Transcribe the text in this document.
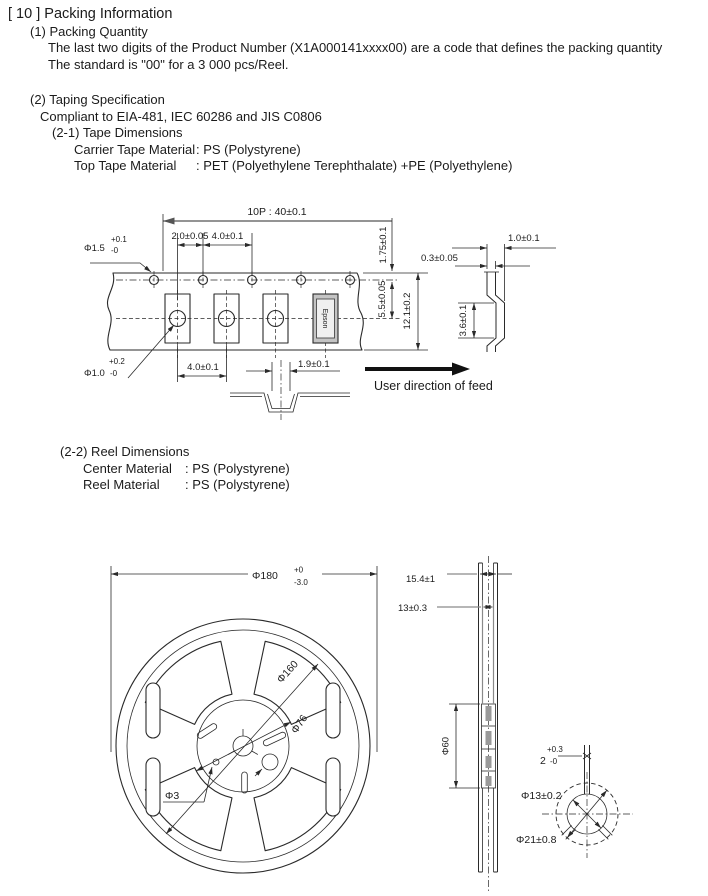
[ 10 ] Packing Information
(1) Packing Quantity
The last two digits of the Product Number (X1A000141xxxx00) are a code that defines the packing quantity
The standard is "00" for a 3 000 pcs/Reel.
(2) Taping Specification
Compliant to EIA-481, IEC 60286 and JIS C0806
(2-1) Tape Dimensions
Carrier Tape Material : PS (Polystyrene)
Top Tape Material	: PET (Polyethylene Terephthalate) +PE (Polyethylene)
(2-2) Reel Dimensions
Center Material	: PS (Polystyrene)
Reel Material	: PS (Polystyrene)
Epson
10P : 40±0.1
2.0±0.05 4.0±0.1
Φ1.5
+0.1
-0	1.75±0.1
5.5±0.05 12.1±0.2
+0.2
Φ1.0 -0
4.0±0.1	1.9±0.1
1.0±0.1
0.3±0.05
3.6±0.1
User direction of feed
Φ180 +0
-3.0
Φ160
Φ76
Φ3
15.4±1
13±0.3
Φ60	+0.3
2 -0
Φ13±0.2
Φ21±0.8
